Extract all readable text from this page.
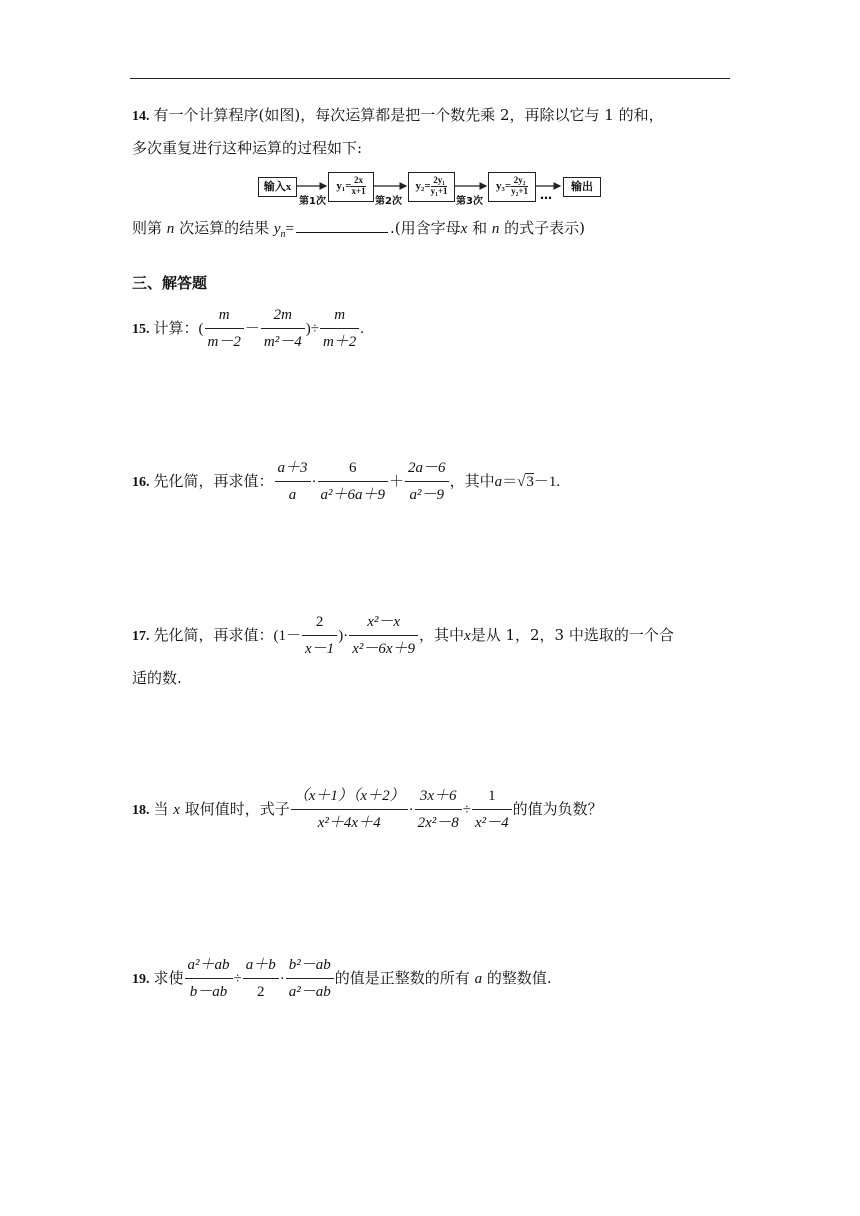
14. 有一个计算程序(如图)，每次运算都是把一个数先乘 2，再除以它与 1 的和，
多次重复进行这种运算的过程如下:
输入x
第1次
$y_1= \frac{2x}{x+1}$
第2次
$y_2= \frac{\text{2y₁}}{\text{y₁+1}}$
第3次
$y_3= \frac{\text{2y₂}}{\text{y₂+1}}$ …
输出
则第 n 次运算的结果 $y_n=$	.(用含字母x 和 n 的式子表示)
三、解答题
15. 计算：( $\frac{m}{m-2} - \frac{2m}{\text{m²－4}}$ )÷ $\frac{m}{m+2}$ .
16. 先化简，再求值： $\frac{a+3}{a} \cdot \frac{6}{\text{a²＋6a＋9}} + \frac{2a-6}{\text{a²－9}}$ ，其中a＝√3－1.
17. 先化简，再求值：($1- \frac{2}{x-1}$ )· $\frac{\text{x²－x}}{\text{x²－6x＋9}}$ ，其中x是从 1，2，3 中选取的一个合
适的数.
18. 当 x 取何值时，式子 $\frac{(x+1)(x+2)}{\text{x²＋4x＋4}} \cdot \frac{3x+6}{\text{2x²－8}} \div \frac{1}{\text{x²－4}}$ 的值为负数？
19. 求使 $\frac{\text{a²＋ab}}{b-ab} \div \frac{a+b}{2} \cdot \frac{\text{b²－ab}}{\text{a²－ab}}$ 的值是正整数的所有 a 的整数值.
